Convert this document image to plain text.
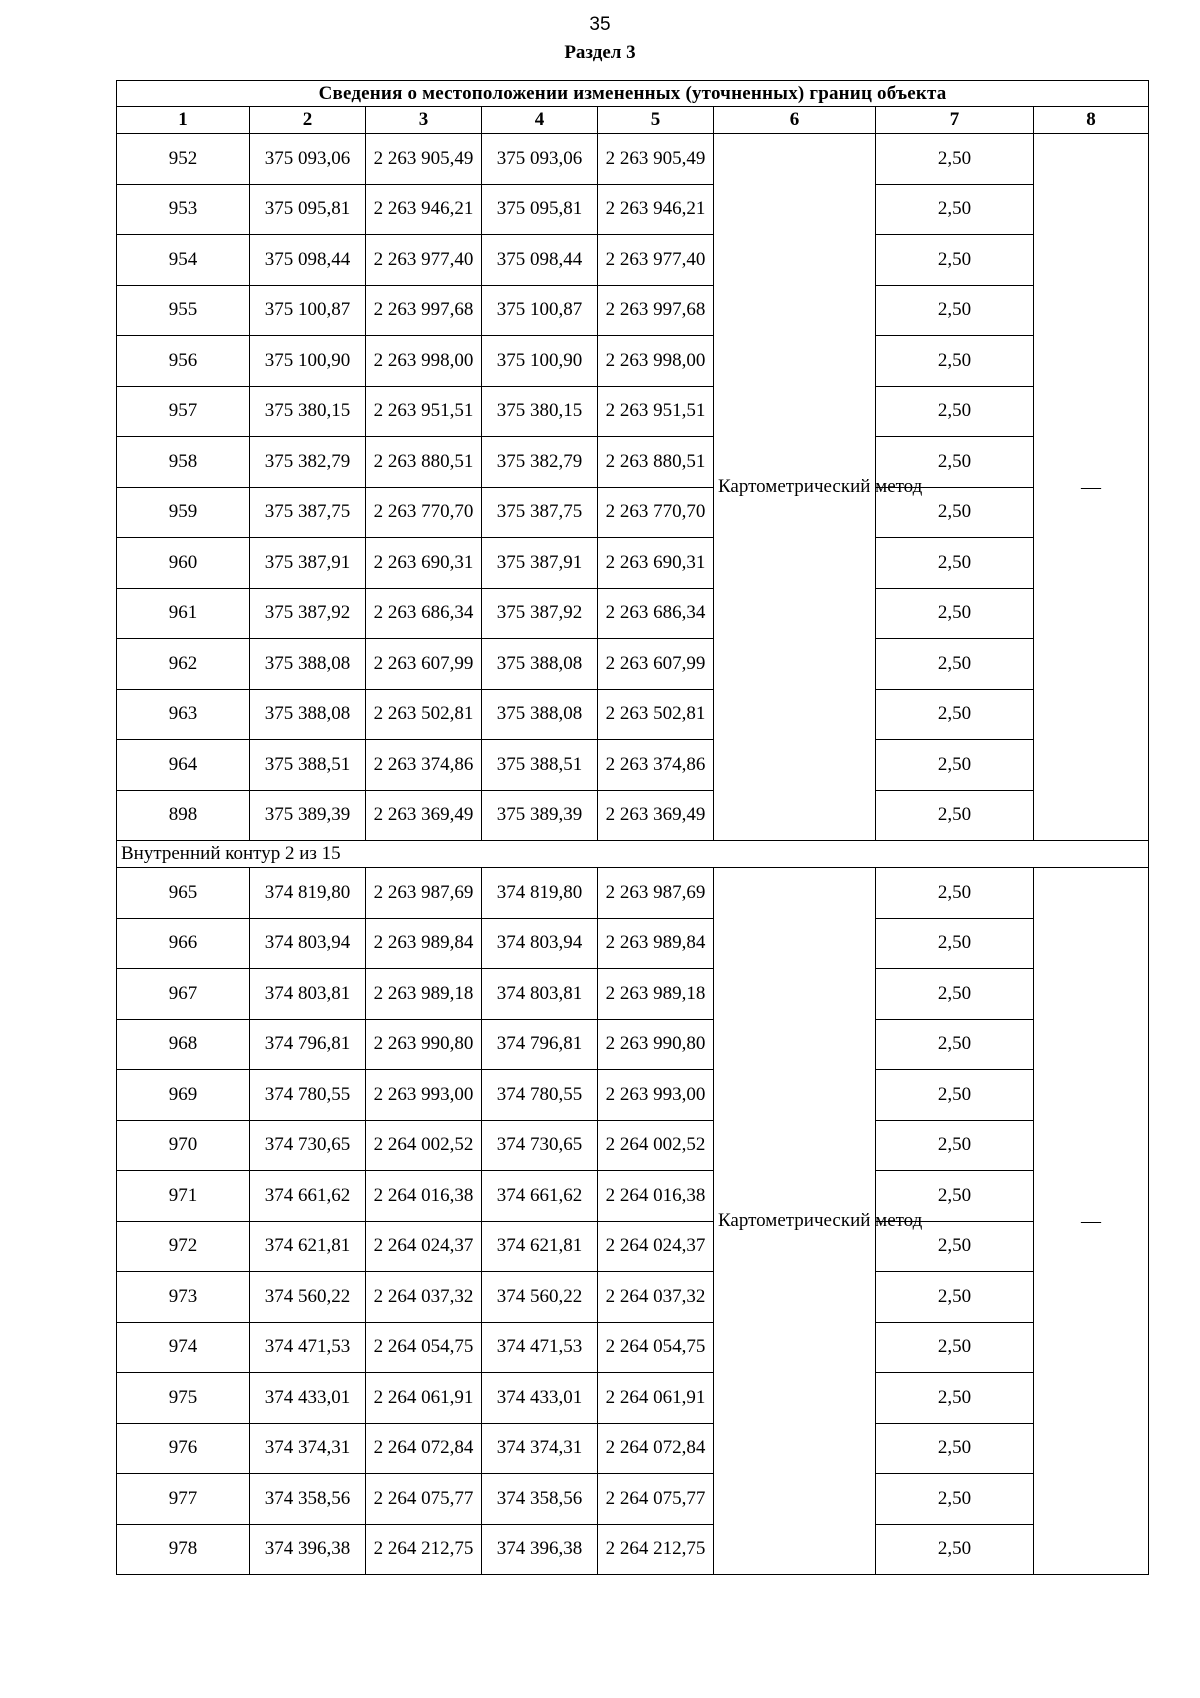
35
Раздел 3
Сведения о местоположении измененных (уточненных) границ объекта							
1	2	3	4	5	6	7	8
952	375 093,06	2 263 905,49	375 093,06	2 263 905,49	Картометрический метод	2,50	—
953	375 095,81	2 263 946,21	375 095,81	2 263 946,21		2,50	
954	375 098,44	2 263 977,40	375 098,44	2 263 977,40		2,50	
955	375 100,87	2 263 997,68	375 100,87	2 263 997,68		2,50	
956	375 100,90	2 263 998,00	375 100,90	2 263 998,00		2,50	
957	375 380,15	2 263 951,51	375 380,15	2 263 951,51		2,50	
958	375 382,79	2 263 880,51	375 382,79	2 263 880,51		2,50	
959	375 387,75	2 263 770,70	375 387,75	2 263 770,70		2,50	
960	375 387,91	2 263 690,31	375 387,91	2 263 690,31		2,50	
961	375 387,92	2 263 686,34	375 387,92	2 263 686,34		2,50	
962	375 388,08	2 263 607,99	375 388,08	2 263 607,99		2,50	
963	375 388,08	2 263 502,81	375 388,08	2 263 502,81		2,50	
964	375 388,51	2 263 374,86	375 388,51	2 263 374,86		2,50	
898	375 389,39	2 263 369,49	375 389,39	2 263 369,49		2,50	
Внутренний контур 2 из 15							
965	374 819,80	2 263 987,69	374 819,80	2 263 987,69	Картометрический метод	2,50	—
966	374 803,94	2 263 989,84	374 803,94	2 263 989,84		2,50	
967	374 803,81	2 263 989,18	374 803,81	2 263 989,18		2,50	
968	374 796,81	2 263 990,80	374 796,81	2 263 990,80		2,50	
969	374 780,55	2 263 993,00	374 780,55	2 263 993,00		2,50	
970	374 730,65	2 264 002,52	374 730,65	2 264 002,52		2,50	
971	374 661,62	2 264 016,38	374 661,62	2 264 016,38		2,50	
972	374 621,81	2 264 024,37	374 621,81	2 264 024,37		2,50	
973	374 560,22	2 264 037,32	374 560,22	2 264 037,32		2,50	
974	374 471,53	2 264 054,75	374 471,53	2 264 054,75		2,50	
975	374 433,01	2 264 061,91	374 433,01	2 264 061,91		2,50	
976	374 374,31	2 264 072,84	374 374,31	2 264 072,84		2,50	
977	374 358,56	2 264 075,77	374 358,56	2 264 075,77		2,50	
978	374 396,38	2 264 212,75	374 396,38	2 264 212,75		2,50	
